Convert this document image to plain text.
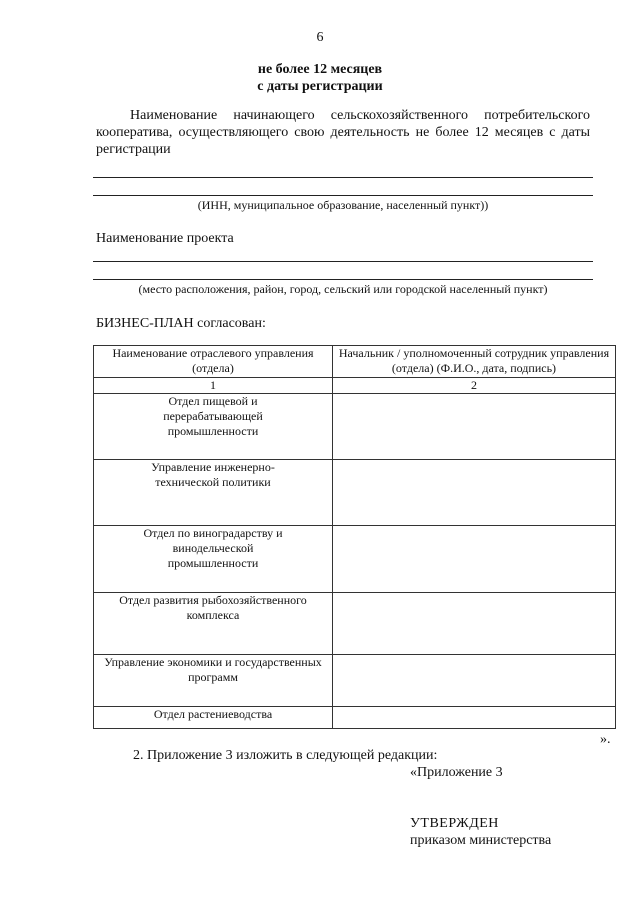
6
не более 12 месяцев
с даты регистрации
Наименование начинающего сельскохозяйственного потребительского кооператива, осуществляющего свою деятельность не более 12 месяцев с даты регистрации
(ИНН, муниципальное образование, населенный пункт))
Наименование проекта
(место расположения, район, город, сельский или городской населенный пункт)
БИЗНЕС-ПЛАН согласован:
Наименование отраслевого управления (отдела)	Начальник / уполномоченный сотрудник управления (отдела) (Ф.И.О., дата, подпись)
1	2
Отдел пищевой и перерабатывающей промышленности	
Управление инженерно-технической политики	
Отдел по виноградарству и винодельческой промышленности	
Отдел развития рыбохозяйственного комплекса	
Управление экономики и государственных программ	
Отдел растениеводства	
».
2. Приложение 3 изложить в следующей редакции:
«Приложение 3
УТВЕРЖДЕН
приказом министерства
